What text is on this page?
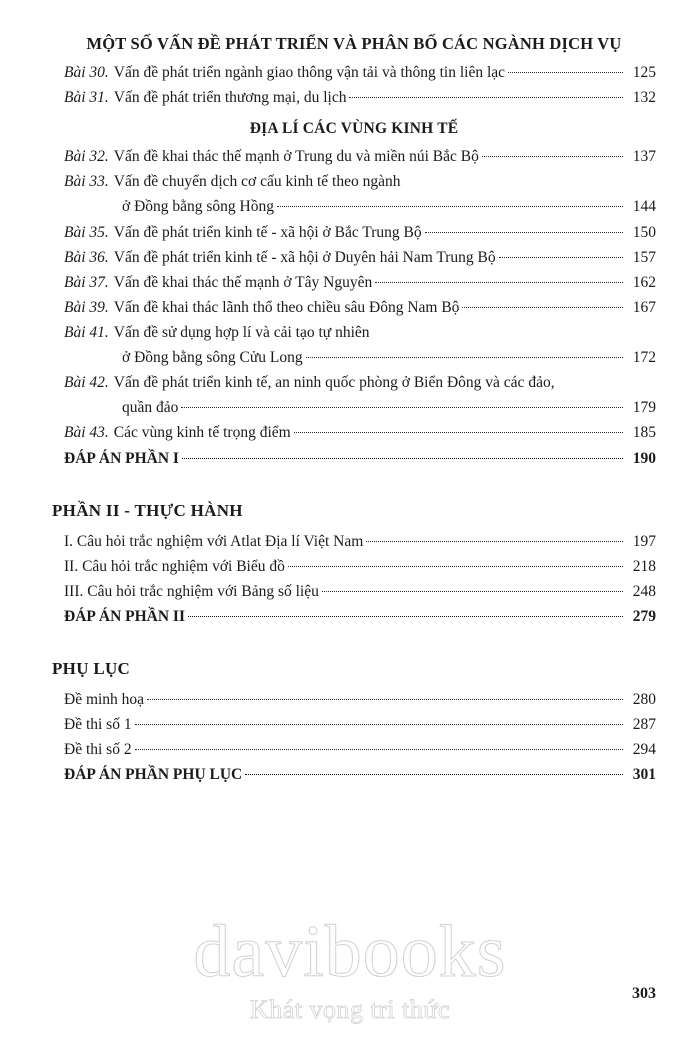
MỘT SỐ VẤN ĐỀ PHÁT TRIỂN VÀ PHÂN BỐ CÁC NGÀNH DỊCH VỤ
Bài 30. Vấn đề phát triển ngành giao thông vận tải và thông tin liên lạc	125
Bài 31. Vấn đề phát triển thương mại, du lịch	132
ĐỊA LÍ CÁC VÙNG KINH TẾ
Bài 32. Vấn đề khai thác thế mạnh ở Trung du và miền núi Bắc Bộ	137
Bài 33. Vấn đề chuyển dịch cơ cấu kinh tế theo ngành
ở Đồng bằng sông Hồng	144
Bài 35. Vấn đề phát triển kinh tế - xã hội ở Bắc Trung Bộ	150
Bài 36. Vấn đề phát triển kinh tế - xã hội ở Duyên hải Nam Trung Bộ	157
Bài 37. Vấn đề khai thác thế mạnh ở Tây Nguyên	162
Bài 39. Vấn đề khai thác lãnh thổ theo chiều sâu Đông Nam Bộ	167
Bài 41. Vấn đề sử dụng hợp lí và cải tạo tự nhiên
ở Đồng bằng sông Cửu Long	172
Bài 42. Vấn đề phát triển kinh tế, an ninh quốc phòng ở Biển Đông và các đảo,
quần đảo	179
Bài 43. Các vùng kinh tế trọng điểm	185
ĐÁP ÁN PHẦN I	190
PHẦN II - THỰC HÀNH
I. Câu hỏi trắc nghiệm với Atlat Địa lí Việt Nam	197
II. Câu hỏi trắc nghiệm với Biểu đồ	218
III. Câu hỏi trắc nghiệm với Bảng số liệu	248
ĐÁP ÁN PHẦN II	279
PHỤ LỤC
Đề minh hoạ	280
Đề thi số 1	287
Đề thi số 2	294
ĐÁP ÁN PHẦN PHỤ LỤC	301
davibooks
Khát vọng tri thức
303
